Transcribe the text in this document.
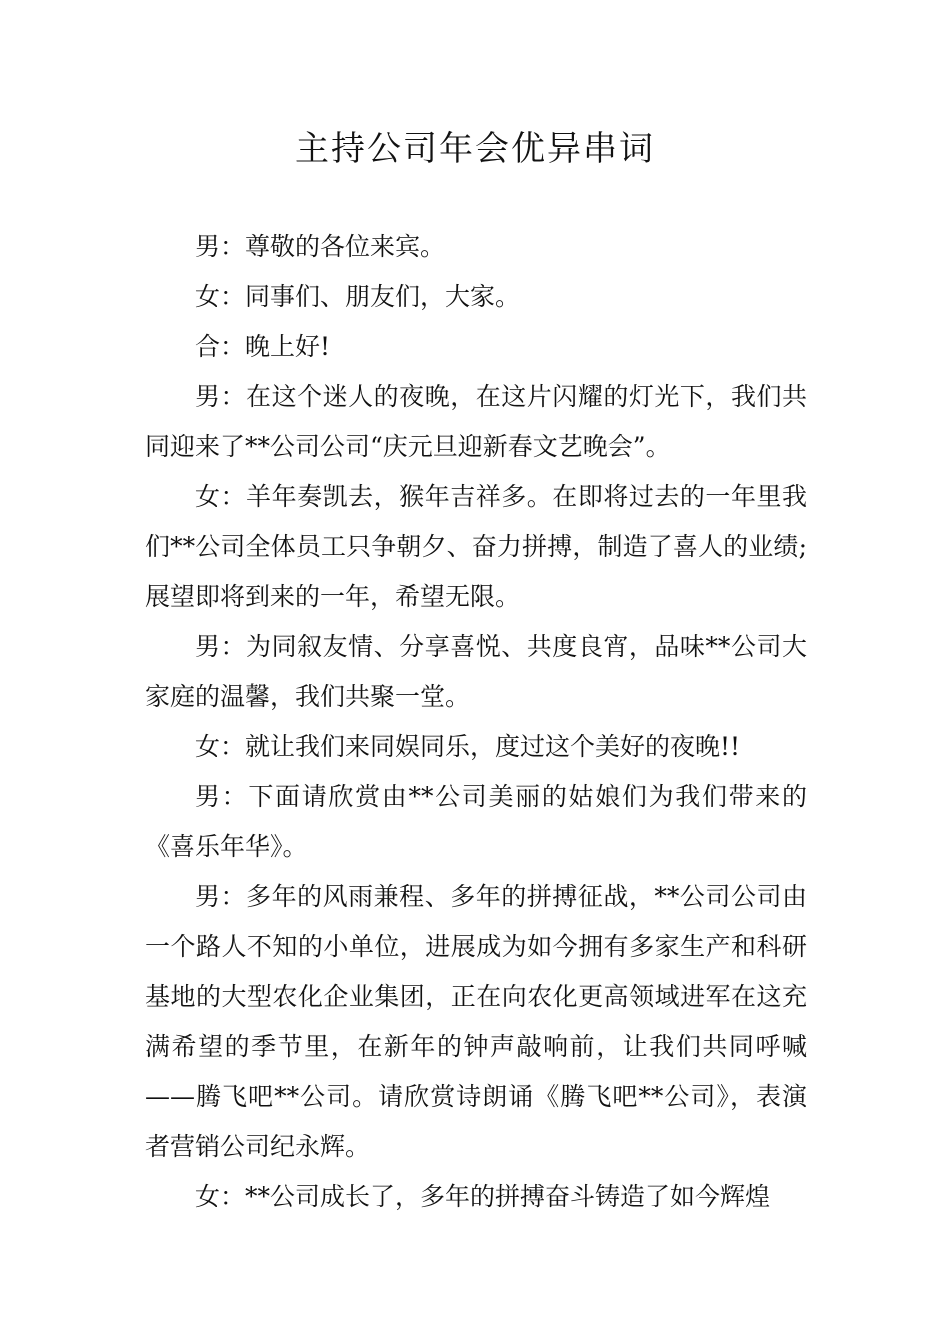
主持公司年会优异串词

男：尊敬的各位来宾。

女：同事们、朋友们，大家。

合：晚上好!

男：在这个迷人的夜晚，在这片闪耀的灯光下，我们共同迎来了**公司公司“庆元旦迎新春文艺晚会”。

女：羊年奏凯去，猴年吉祥多。在即将过去的一年里我们**公司全体员工只争朝夕、奋力拼搏，制造了喜人的业绩;展望即将到来的一年，希望无限。

男：为同叙友情、分享喜悦、共度良宵，品味**公司大家庭的温馨，我们共聚一堂。

女：就让我们来同娱同乐，度过这个美好的夜晚!!

男：下面请欣赏由**公司美丽的姑娘们为我们带来的《喜乐年华》。

男：多年的风雨兼程、多年的拼搏征战，**公司公司由一个路人不知的小单位，进展成为如今拥有多家生产和科研基地的大型农化企业集团，正在向农化更高领域进军在这充满希望的季节里，在新年的钟声敲响前，让我们共同呼喊——腾飞吧**公司。请欣赏诗朗诵《腾飞吧**公司》，表演者营销公司纪永辉。

女：**公司成长了，多年的拼搏奋斗铸造了如今辉煌
